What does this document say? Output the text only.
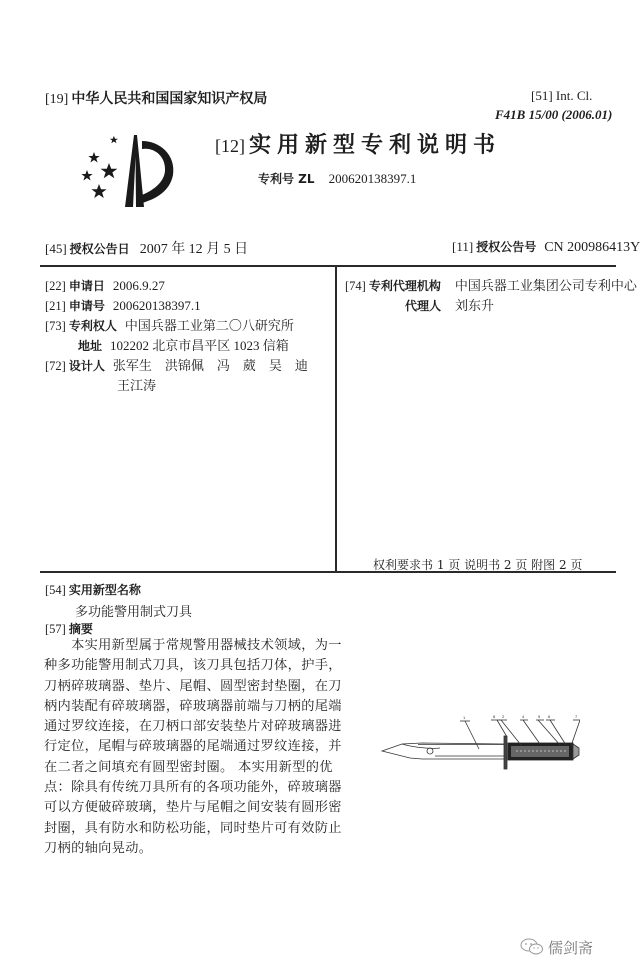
[19] 中华人民共和国国家知识产权局	[51] Int. Cl.
F41B 15/00 (2006.01)
[12] 实用新型专利说明书
专利号 ZL 200620138397.1
[45] 授权公告日 2007 年 12 月 5 日	[11] 授权公告号 CN 200986413Y
[22] 申请日 2006.9.27
[21] 申请号 200620138397.1
[73] 专利权人 中国兵器工业第二〇八研究所
地址 102202 北京市昌平区 1023 信箱
[72] 设计人 张军生　洪锦佩　冯　葳　吴　迪
王江涛
[74] 专利代理机构 中国兵器工业集团公司专利中心
代理人 刘东升
权利要求书 1 页 说明书 2 页 附图 2 页
[54] 实用新型名称
多功能警用制式刀具
[57] 摘要
　　本实用新型属于常规警用器械技术领域，为一
种多功能警用制式刀具，该刀具包括刀体，护手，
刀柄碎玻璃器、垫片、尾帽、圆型密封垫圈，在刀
柄内装配有碎玻璃器，碎玻璃器前端与刀柄的尾端
通过罗纹连接，在刀柄口部安装垫片对碎玻璃器进
行定位，尾帽与碎玻璃器的尾端通过罗纹连接，并
在二者之间填充有圆型密封圈。 本实用新型的优
点：除具有传统刀具所有的各项功能外，碎玻璃器
可以方便破碎玻璃，垫片与尾帽之间安装有圆形密
封圈，具有防水和防松功能，同时垫片可有效防止
刀柄的轴向晃动。
1	8 2	4	5 6	7
儒剑斋
